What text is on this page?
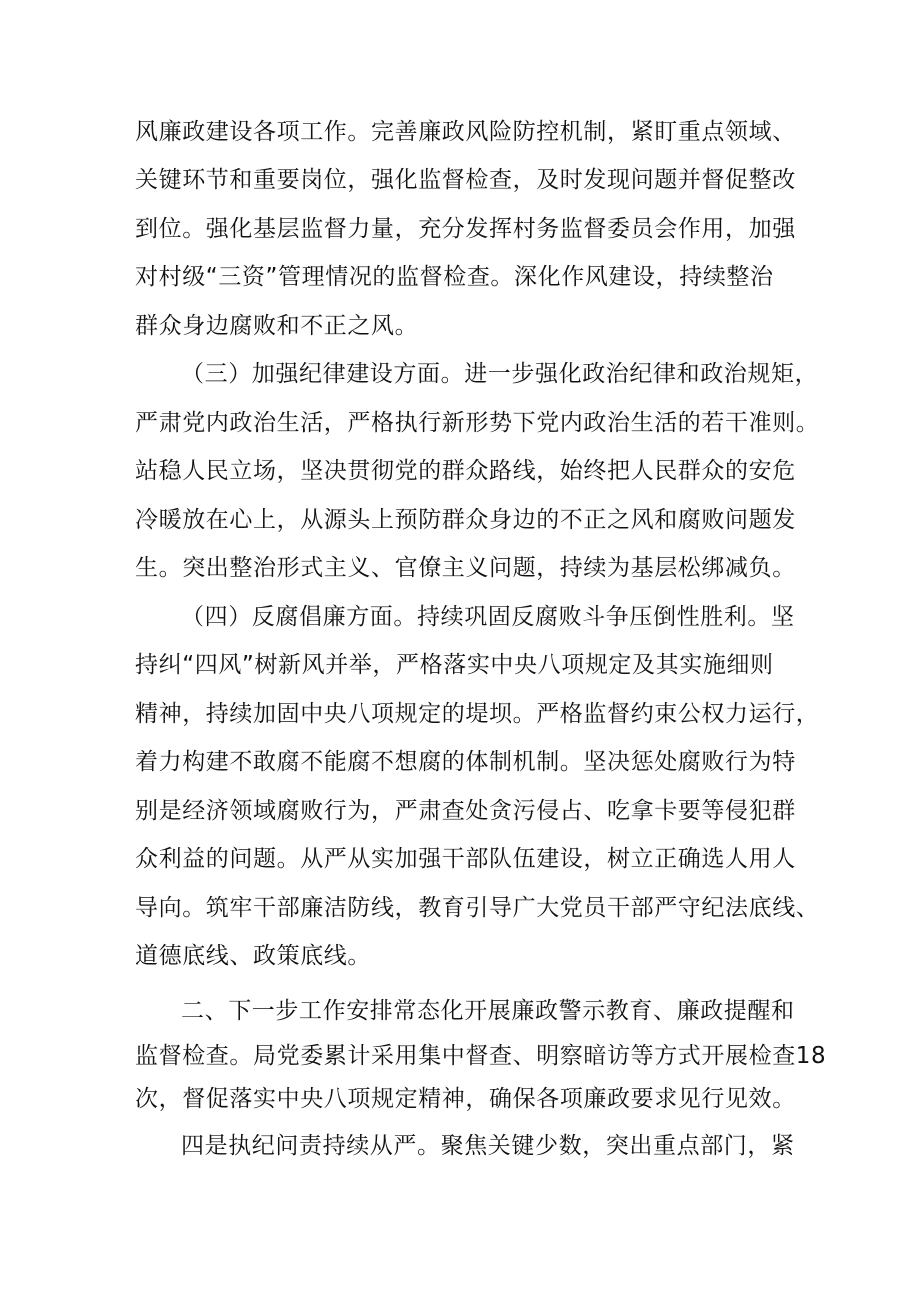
风廉政建设各项工作。完善廉政风险防控机制，紧盯重点领域、
关键环节和重要岗位，强化监督检查，及时发现问题并督促整改
到位。强化基层监督力量，充分发挥村务监督委员会作用，加强
对村级“三资”管理情况的监督检查。深化作风建设，持续整治
群众身边腐败和不正之风。
（三）加强纪律建设方面。进一步强化政治纪律和政治规矩，
严肃党内政治生活，严格执行新形势下党内政治生活的若干准则。
站稳人民立场，坚决贯彻党的群众路线，始终把人民群众的安危
冷暖放在心上，从源头上预防群众身边的不正之风和腐败问题发
生。突出整治形式主义、官僚主义问题，持续为基层松绑减负。
（四）反腐倡廉方面。持续巩固反腐败斗争压倒性胜利。坚
持纠“四风”树新风并举，严格落实中央八项规定及其实施细则
精神，持续加固中央八项规定的堤坝。严格监督约束公权力运行，
着力构建不敢腐不能腐不想腐的体制机制。坚决惩处腐败行为特
别是经济领域腐败行为，严肃查处贪污侵占、吃拿卡要等侵犯群
众利益的问题。从严从实加强干部队伍建设，树立正确选人用人
导向。筑牢干部廉洁防线，教育引导广大党员干部严守纪法底线、
道德底线、政策底线。
二、下一步工作安排常态化开展廉政警示教育、廉政提醒和
监督检查。局党委累计采用集中督查、明察暗访等方式开展检查18
次，督促落实中央八项规定精神，确保各项廉政要求见行见效。
四是执纪问责持续从严。聚焦关键少数，突出重点部门，紧
